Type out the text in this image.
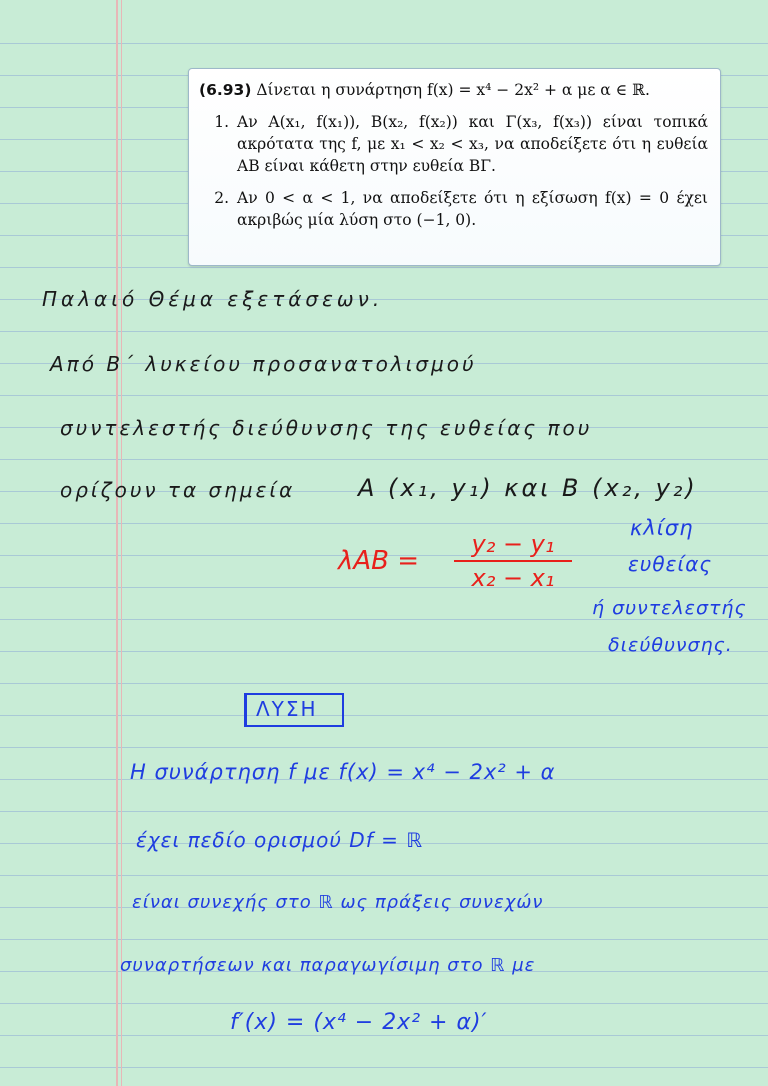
(6.93) Δίνεται η συνάρτηση f(x) = x⁴ − 2x² + α με α ∈ ℝ.
1. Αν A(x₁, f(x₁)), B(x₂, f(x₂)) και Γ(x₃, f(x₃)) είναι τοπικά ακρότατα της f, με x₁ < x₂ < x₃, να αποδείξετε ότι η ευθεία AB είναι κάθετη στην ευθεία BΓ.
2. Αν 0 < α < 1, να αποδείξετε ότι η εξίσωση f(x) = 0 έχει ακριβώς μία λύση στο (−1, 0).
Παλαιό Θέμα εξετάσεων.
Από Β΄ λυκείου προσανατολισμού
συντελεστής διεύθυνσης της ευθείας που
ορίζουν τα σημεία	A (x₁, y₁) και B (x₂, y₂)
$\lambda AB = \frac{\text{y₂ − y₁}}{\text{x₂ − x₁}}$
κλίση
ευθείας
ή συντελεστής
διεύθυνσης.
ΛΥΣΗ
Η συνάρτηση f με f(x) = x⁴ − 2x² + α
έχει πεδίο ορισμού Df = ℝ
είναι συνεχής στο ℝ ως πράξεις συνεχών
συναρτήσεων και παραγωγίσιμη στο ℝ με
f′(x) = (x⁴ − 2x² + α)′
